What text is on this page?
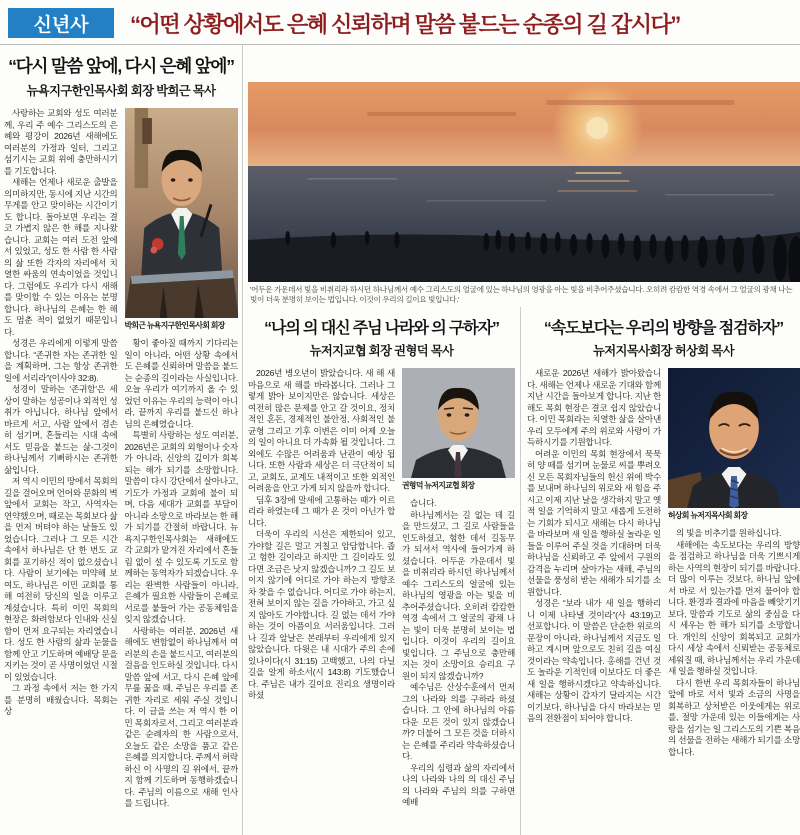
신년사	“어떤 상황에서도 은혜 신뢰하며 말씀 붙드는 순종의 길 갑시다”
“다시 말씀 앞에, 다시 은혜 앞에”
뉴욕지구한인목사회 회장 박희근 목사

사랑하는 교회와 성도 여러분께, 우리 주 예수 그리스도의 은혜와 평강이 2026년 새해에도 여러분의 가정과 일터, 그리고 섬기시는 교회 위에 충만하시기를 기도합니다.

새해는 언제나 새로운 출발을 의미하지만, 동시에 지난 시간의 무게를 안고 맞이하는 시간이기도 합니다. 돌아보면 우리는 결코 가볍지 않은 한 해를 지나왔습니다. 교회는 여러 도전 앞에 서 있었고, 성도 한 사람 한 사람의 삶 또한 각자의 자리에서 치열한 싸움의 연속이었을 것입니다. 그럼에도 우리가 다시 새해를 맞이할 수 있는 이유는 분명합니다. 하나님의 은혜는 한 해도 멈춘 적이 없었기 때문입니다.

성경은 우리에게 이렇게 말씀합니다. “존귀한 자는 존귀한 일을 계획하며, 그는 항상 존귀한 일에 서리라”(이사야 32:8).

성경이 말하는 ‘존귀함’은 세상이 말하는 성공이나 외적인 성취가 아닙니다. 하나님 앞에서 바르게 서고, 사람 앞에서 겸손히 섬기며, 흔들리는 시대 속에서도 믿음을 붙드는 삶-그것이 하나님께서 기뻐하시는 존귀한 삶입니다.

저 역시 이민의 땅에서 목회의 길을 걸어오며 언어와 문화의 벽 앞에서 교회는 작고, 사역자는 연약했으며, 때로는 목회보다 삶을 먼저 버텨야 하는 날들도 있었습니다. 그러나 그 모든 시간 속에서 하나님은 단 한 번도 교회를 포기하신 적이 없으셨습니다. 사람이 보기에는 미약해 보여도, 하나님은 이민 교회를 통해 여전히 당신의 일을 이루고 계셨습니다. 특히 이민 목회의 현장은 화려함보다 인내와 신실함이 먼저 요구되는 자리였습니다. 성도 한 사람의 삶과 눈물을 함께 안고 기도하며 예배당 문을 지키는 것이 곧 사명이었던 시절이 있었습니다.

그 과정 속에서 저는 한 가지를 분명히 배웠습니다. 목회는 상

박희근 뉴욕지구한인목사회 회장

황이 좋아질 때까지 기다리는 일이 아니라, 어떤 상황 속에서도 은혜를 신뢰하며 말씀을 붙드는 순종의 길이라는 사실입니다. 오늘 우리가 여기까지 올 수 있었던 이유는 우리의 능력이 아니라, 끝까지 우리를 붙드신 하나님의 은혜였습니다.

특별히 사랑하는 성도 여러분, 2026년은 교회의 외형이나 숫자가 아니라, 신앙의 깊이가 회복되는 해가 되기를 소망합니다. 말씀이 다시 강단에서 살아나고, 기도가 가정과 교회에 불이 되며, 다음 세대가 교회를 부담이 아니라 소망으로 바라보는 한 해가 되기를 간절히 바랍니다. 뉴욕지구한인목사회는 새해에도 각 교회가 맡겨진 자리에서 흔들림 없이 설 수 있도록 기도로 함께하는 동역자가 되겠습니다. 우리는 완벽한 사람들이 아니라, 은혜가 필요한 사람들이 은혜로 서로를 붙들어 가는 공동체임을 잊지 않겠습니다.

사랑하는 여러분, 2026년 새해에도 변함없이 하나님께서 여러분의 손을 붙드시고, 여러분의 걸음을 인도하실 것입니다. 다시 말씀 앞에 서고, 다시 은혜 앞에 무릎 꿇을 때, 주님은 우리를 존귀한 자리로 세워 주실 것입니다. 이 글을 쓰는 저 역시 한 이민 목회자로서, 그리고 여러분과 같은 순례자의 한 사람으로서, 오늘도 같은 소망을 품고 같은 은혜를 의지합니다. 주께서 허락하신 이 사명의 길 위에서, 끝까지 함께 기도하며 동행하겠습니다. 주님의 이름으로 새해 인사를 드립니다.

'어두운 가운데서 빛을 비취리라 하시던 하나님께서 예수 그리스도의 얼굴에 있는 하나님의 영광을 아는 빛을 비추어주셨습니다. 오히려 캄캄한 역경 속에서 그 얼굴의 광채 나는 빛이 더욱 분명히 보이는 법입니다. 이것이 우리의 길이요 빛입니다.'
“나의 의 대신 주님 나라와 의 구하자”
뉴저지교협 회장 권형덕 목사

2026년 병오년이 밝았습니다. 새 해 새 마음으로 새 해를 바라봅니다. 그러나 그렇게 밝아 보이지만은 않습니다. 세상은 여전히 많은 문제를 안고 갈 것이요, 정치적인 혼돈, 경제적인 불안정, 사회적인 불균형 그리고 기후 이변은 이미 어제 오늘의 일이 아니요 더 가속화 될 것입니다. 그 외에도 수많은 어려움과 난관이 예상 됩니다. 또한 사람과 세상은 더 극단적이 되고, 교회도, 교계도 내적이고 또한 외적인 어려움을 안고 가게 되지 않을까 합니다.

딤후 3장에 말세에 고통하는 때가 이르리라 하였는데 그 때가 온 것이 아닌가 합니다.

더욱이 우리의 시선은 제한되어 있고, 가야할 길은 멀고 거칠고 암담합니다. 좁고 험한 길이라고 하지만 그 길이라도 있다면 조금은 낫지 않겠습니까? 그 길도 보이지 않기에 어디로 가야 하는지 방향조차 찾을 수 없습니다. 어디로 가야 하는지, 전혀 보이지 않는 길을 가야하고, 가고 싶지 않아도 가야합니다. 길 없는 데서 가야하는 것이 아픔이요 서러움입니다. 그러나 길과 앞날은 본래부터 우리에게 있지 않았습니다. 다윗은 내 시대가 주의 손에 있나이다(시 31:15) 고백했고, 나의 다닐 길을 알게 하소서(시 143:8) 기도했습니다. 주님은 내가 길이요 진리요 생명이라 하셨

권형덕 뉴저지교협 회장

습니다.

하나님께서는 길 없는 데 길을 만드셨고, 그 길로 사람들을 인도하셨고, 험한 데서 길동무가 되셔서 역사에 들어가게 하셨습니다. 어두운 가운데서 빛을 비취리라 하시던 하나님께서 예수 그리스도의 얼굴에 있는 하나님의 영광을 아는 빛을 비추어주셨습니다. 오히려 캄캄한 역경 속에서 그 얼굴의 광채 나는 빛이 더욱 분명히 보이는 법입니다. 이것이 우리의 길이요 빛입니다. 그 주님으로 충만해지는 것이 소망이요 승리요 구원이 되지 않겠습니까?

예수님은 산상수훈에서 먼저 그의 나라와 의를 구하라 하셨습니다. 그 안에 하나님의 아름다운 모든 것이 있지 않겠습니까? 더불어 그 모든 것을 더하시는 은혜를 주리라 약속하셨습니다.

우리의 심령과 삶의 자리에서 나의 나라와 나의 의 대신 주님의 나라와 주님의 의를 구하면 예배

“속도보다는 우리의 방향을 점검하자”
뉴저지목사회장 허상회 목사

새로운 2026년 새해가 밝아왔습니다. 새해는 언제나 새로운 기대와 함께 지난 시간을 돌아보게 합니다. 지난 한 해도 목회 현장은 결코 쉽지 않았습니다. 이민 목회라는 치열한 삶을 살아낸 우리 모두에게 주의 위로와 사랑이 가득하시기를 기원합니다.

어려운 이민의 목회 현장에서 묵묵히 양 떼를 섬기며 눈물로 씨를 뿌려오신 모든 목회자님들의 헌신 위에 박수를 보내며 하나님의 위로와 새 힘을 주시고 이제 지난 날을 생각하지 말고 옛적 일을 기억하지 말고 새롭게 도전하는 기회가 되시고 새해는 다시 하나님을 바라보며 새 일을 행하실 놀라운 일들을 이루어 주실 것을 기대하며 더욱 하나님을 신뢰하고 주 앞에서 구원의 감격을 누리며 살아가는 새해, 주님의 선물을 풍성히 받는 새해가 되기를 소원합니다.

성경은 “보라 내가 새 일을 행하리니 이제 나타낼 것이라”(사 43:19)고 선포합니다. 이 말씀은 단순한 위로의 문장이 아니라, 하나님께서 지금도 일하고 계시며 앞으로도 친히 길을 여실 것이라는 약속입니다. 홍해를 건넌 것도 놀라운 기적인데 이보다도 더 좋은 새 일을 행하시겠다고 약속하십니다. 새해는 상황이 갑자기 달라지는 시간이기보다, 하나님을 다시 바라보는 믿음의 전환점이 되어야 합니다.

허상회 뉴저지목사회 회장

의 빛을 비추기를 원하십니다.

새해에는 속도보다는 우리의 방향을 점검하고 하나님을 더욱 기쁘시게 하는 사역의 현장이 되기를 바랍니다. 더 많이 이루는 것보다, 하나님 앞에서 바로 서 있는가를 먼저 물어야 합니다. 환경과 결과에 마음을 빼앗기기보다, 말씀과 기도로 삶의 중심을 다시 세우는 한 해가 되기를 소망합니다. 개인의 신앙이 회복되고 교회가 다시 세상 속에서 신뢰받는 공동체로 세워질 때, 하나님께서는 우리 가운데 새 일을 행하실 것입니다.

다시 한번 우리 목회자들이 하나님 앞에 바로 서서 빛과 소금의 사명을 회복하고 상처받은 이웃에게는 위로를, 절망 가운데 있는 이들에게는 사랑을 섬기는 일 그리스도의 기쁜 복음의 선물을 전하는 새해가 되기를 소망합니다.
